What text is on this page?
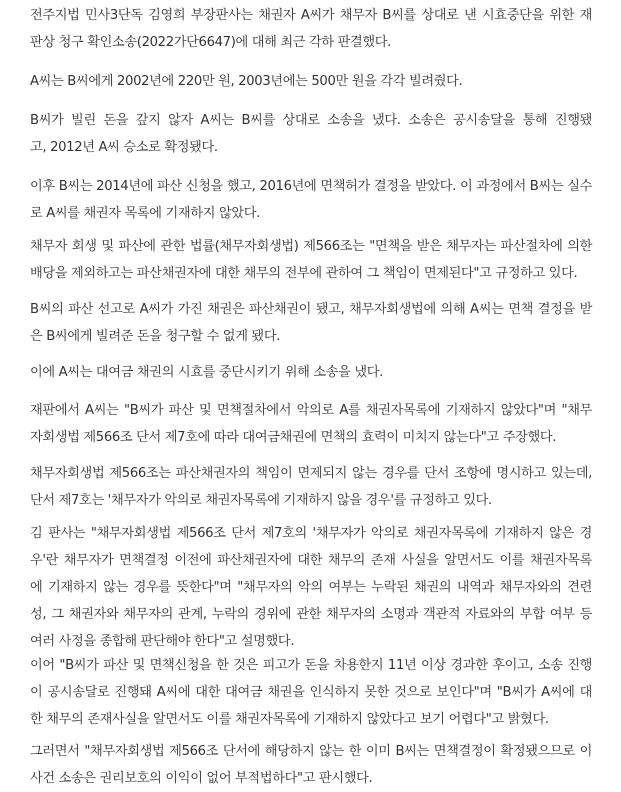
전주지법 민사3단독 김영희 부장판사는 채권자 A씨가 채무자 B씨를 상대로 낸 시효중단을 위한 재
판상 청구 확인소송(2022가단6647)에 대해 최근 각하 판결했다.

A씨는 B씨에게 2002년에 220만 원, 2003년에는 500만 원을 각각 빌려줬다.

B씨가 빌린 돈을 갚지 않자 A씨는 B씨를 상대로 소송을 냈다. 소송은 공시송달을 통해 진행됐
고, 2012년 A씨 승소로 확정됐다.

이후 B씨는 2014년에 파산 신청을 했고, 2016년에 면책허가 결정을 받았다. 이 과정에서 B씨는 실수
로 A씨를 채권자 목록에 기재하지 않았다.

채무자 회생 및 파산에 관한 법률(채무자회생법) 제566조는 "면책을 받은 채무자는 파산절차에 의한
배당을 제외하고는 파산채권자에 대한 채무의 전부에 관하여 그 책임이 면제된다"고 규정하고 있다.

B씨의 파산 선고로 A씨가 가진 채권은 파산채권이 됐고, 채무자회생법에 의해 A씨는 면책 결정을 받
은 B씨에게 빌려준 돈을 청구할 수 없게 됐다.

이에 A씨는 대여금 채권의 시효를 중단시키기 위해 소송을 냈다.

재판에서 A씨는 "B씨가 파산 및 면책절차에서 악의로 A를 채권자목록에 기재하지 않았다"며 "채무
자회생법 제566조 단서 제7호에 따라 대여금채권에 면책의 효력이 미치지 않는다"고 주장했다.

채무자회생법 제566조는 파산채권자의 책임이 면제되지 않는 경우를 단서 조항에 명시하고 있는데,
단서 제7호는 '채무자가 악의로 채권자목록에 기재하지 않을 경우'를 규정하고 있다.

김 판사는 "채무자회생법 제566조 단서 제7호의 '채무자가 악의로 채권자목록에 기재하지 않은 경
우'란 채무자가 면책결정 이전에 파산채권자에 대한 채무의 존재 사실을 알면서도 이를 채권자목록
에 기재하지 않는 경우를 뜻한다"며 "채무자의 악의 여부는 누락된 채권의 내역과 채무자와의 견련
성, 그 채권자와 채무자의 관계, 누락의 경위에 관한 채무자의 소명과 객관적 자료와의 부합 여부 등
여러 사정을 종합해 판단해야 한다"고 설명했다.

이어 "B씨가 파산 및 면책신청을 한 것은 피고가 돈을 차용한지 11년 이상 경과한 후이고, 소송 진행
이 공시송달로 진행돼 A씨에 대한 대여금 채권을 인식하지 못한 것으로 보인다"며 "B씨가 A씨에 대
한 채무의 존재사실을 알면서도 이를 채권자목록에 기재하지 않았다고 보기 어렵다"고 밝혔다.

그러면서 "채무자회생법 제566조 단서에 해당하지 않는 한 이미 B씨는 면책결정이 확정됐으므로 이
사건 소송은 권리보호의 이익이 없어 부적법하다"고 판시했다.
